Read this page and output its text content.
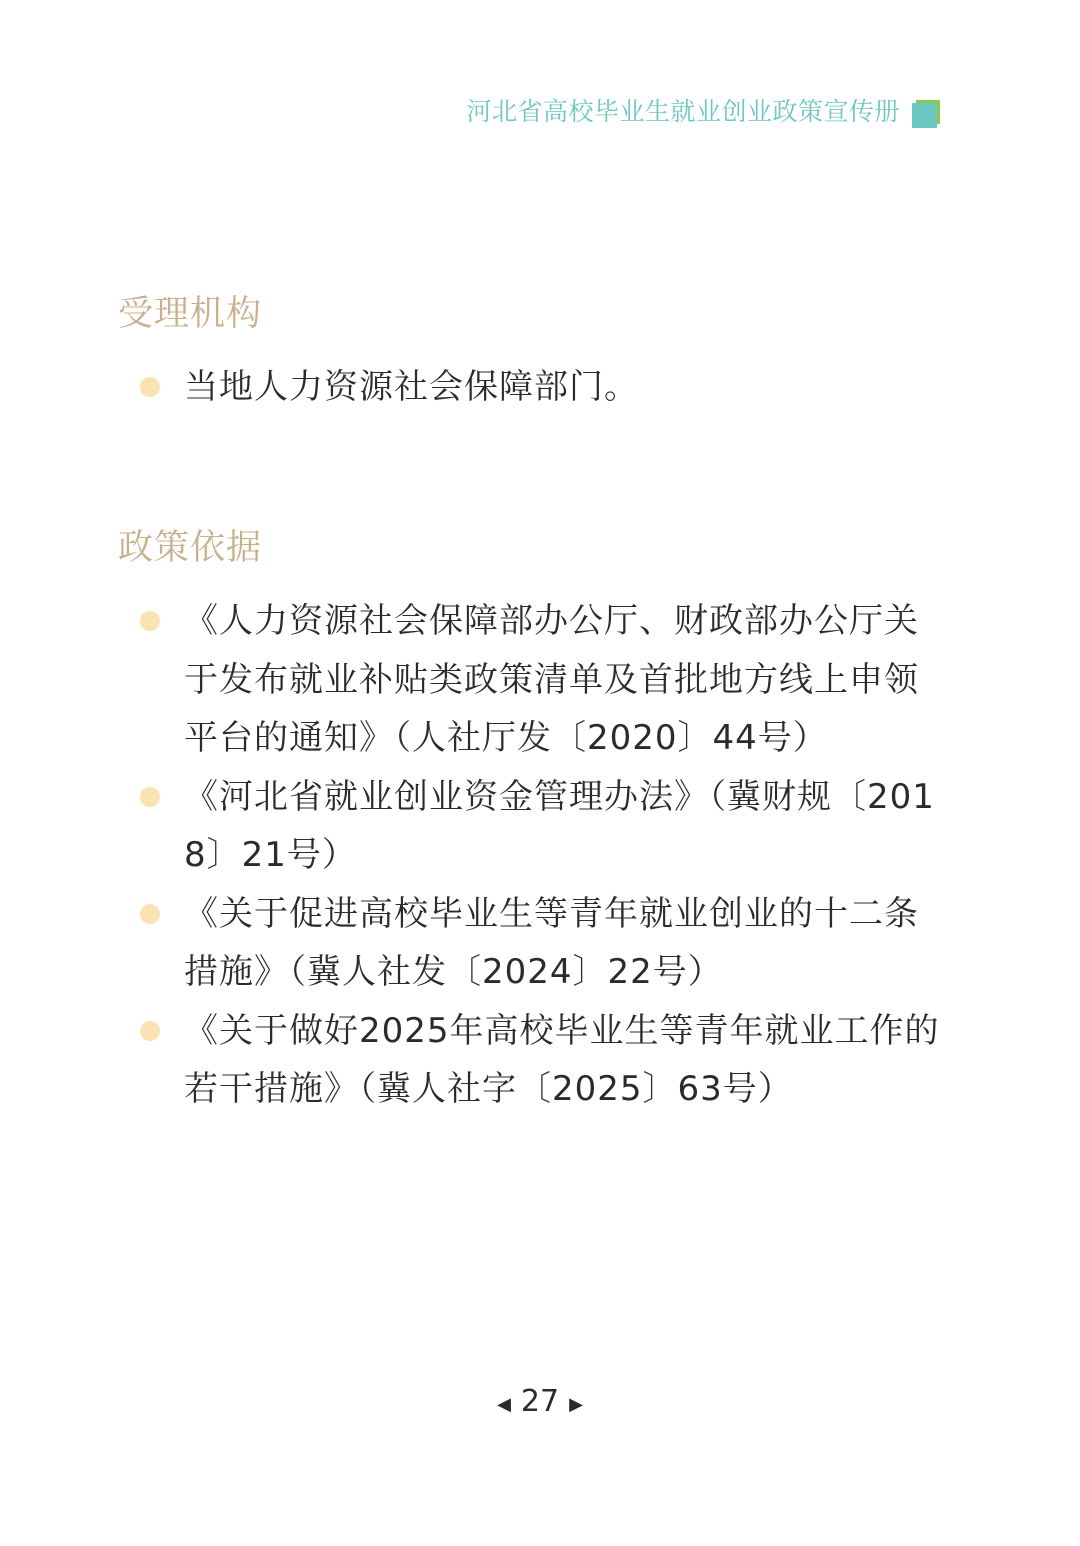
河北省高校毕业生就业创业政策宣传册
受理机构
当地人力资源社会保障部门。
政策依据
《人力资源社会保障部办公厅、财政部办公厅关于发布就业补贴类政策清单及首批地方线上申领平台的通知》（人社厅发〔2020〕44号）
《河北省就业创业资金管理办法》（冀财规〔2018〕21号）
《关于促进高校毕业生等青年就业创业的十二条措施》（冀人社发〔2024〕22号）
《关于做好2025年高校毕业生等青年就业工作的若干措施》（冀人社字〔2025〕63号）
◀ 27 ▶
